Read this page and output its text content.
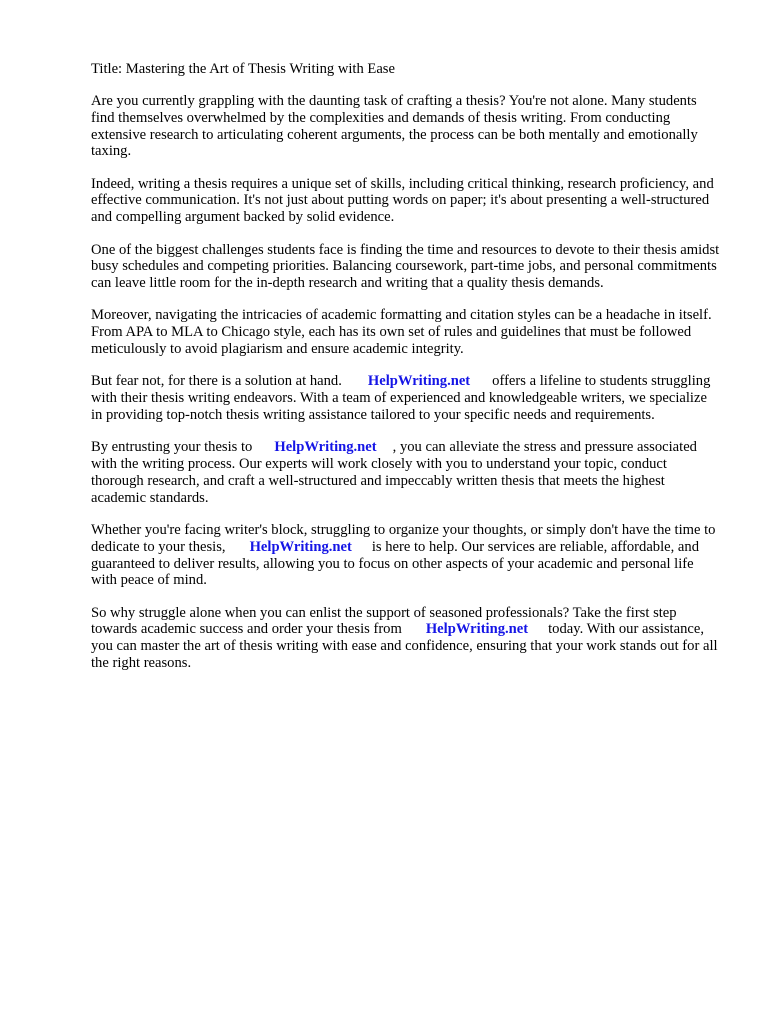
Title: Mastering the Art of Thesis Writing with Ease

Are you currently grappling with the daunting task of crafting a thesis? You're not alone. Many students find themselves overwhelmed by the complexities and demands of thesis writing. From conducting extensive research to articulating coherent arguments, the process can be both mentally and emotionally taxing.

Indeed, writing a thesis requires a unique set of skills, including critical thinking, research proficiency, and effective communication. It's not just about putting words on paper; it's about presenting a well-structured and compelling argument backed by solid evidence.

One of the biggest challenges students face is finding the time and resources to devote to their thesis amidst busy schedules and competing priorities. Balancing coursework, part-time jobs, and personal commitments can leave little room for the in-depth research and writing that a quality thesis demands.

Moreover, navigating the intricacies of academic formatting and citation styles can be a headache in itself. From APA to MLA to Chicago style, each has its own set of rules and guidelines that must be followed meticulously to avoid plagiarism and ensure academic integrity.

But fear not, for there is a solution at hand. HelpWriting.net offers a lifeline to students struggling with their thesis writing endeavors. With a team of experienced and knowledgeable writers, we specialize in providing top-notch thesis writing assistance tailored to your specific needs and requirements.

By entrusting your thesis to HelpWriting.net , you can alleviate the stress and pressure associated with the writing process. Our experts will work closely with you to understand your topic, conduct thorough research, and craft a well-structured and impeccably written thesis that meets the highest academic standards.

Whether you're facing writer's block, struggling to organize your thoughts, or simply don't have the time to dedicate to your thesis, HelpWriting.net is here to help. Our services are reliable, affordable, and guaranteed to deliver results, allowing you to focus on other aspects of your academic and personal life with peace of mind.

So why struggle alone when you can enlist the support of seasoned professionals? Take the first step towards academic success and order your thesis from HelpWriting.net today. With our assistance, you can master the art of thesis writing with ease and confidence, ensuring that your work stands out for all the right reasons.
